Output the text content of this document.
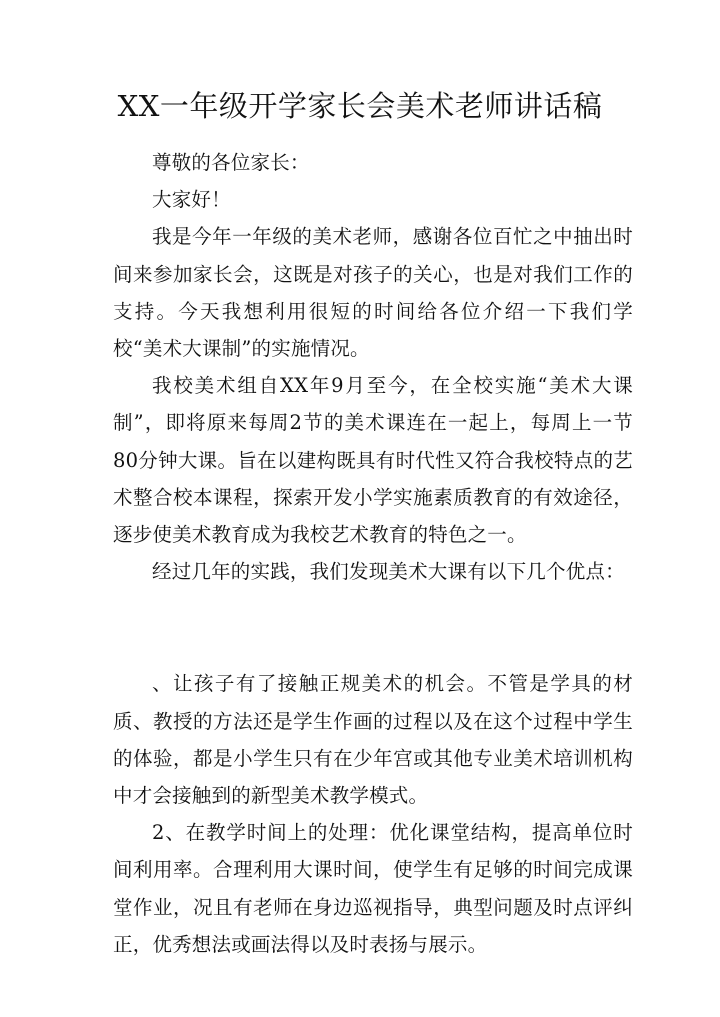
XX一年级开学家长会美术老师讲话稿

尊敬的各位家长：

大家好！

我是今年一年级的美术老师，感谢各位百忙之中抽出时间来参加家长会，这既是对孩子的关心，也是对我们工作的支持。今天我想利用很短的时间给各位介绍一下我们学校“美术大课制”的实施情况。

我校美术组自XX年9月至今，在全校实施“美术大课制”，即将原来每周2节的美术课连在一起上，每周上一节80分钟大课。旨在以建构既具有时代性又符合我校特点的艺术整合校本课程，探索开发小学实施素质教育的有效途径，逐步使美术教育成为我校艺术教育的特色之一。

经过几年的实践，我们发现美术大课有以下几个优点：

、让孩子有了接触正规美术的机会。不管是学具的材质、教授的方法还是学生作画的过程以及在这个过程中学生的体验，都是小学生只有在少年宫或其他专业美术培训机构中才会接触到的新型美术教学模式。

2、在教学时间上的处理：优化课堂结构，提高单位时间利用率。合理利用大课时间，使学生有足够的时间完成课堂作业，况且有老师在身边巡视指导，典型问题及时点评纠正，优秀想法或画法得以及时表扬与展示。
